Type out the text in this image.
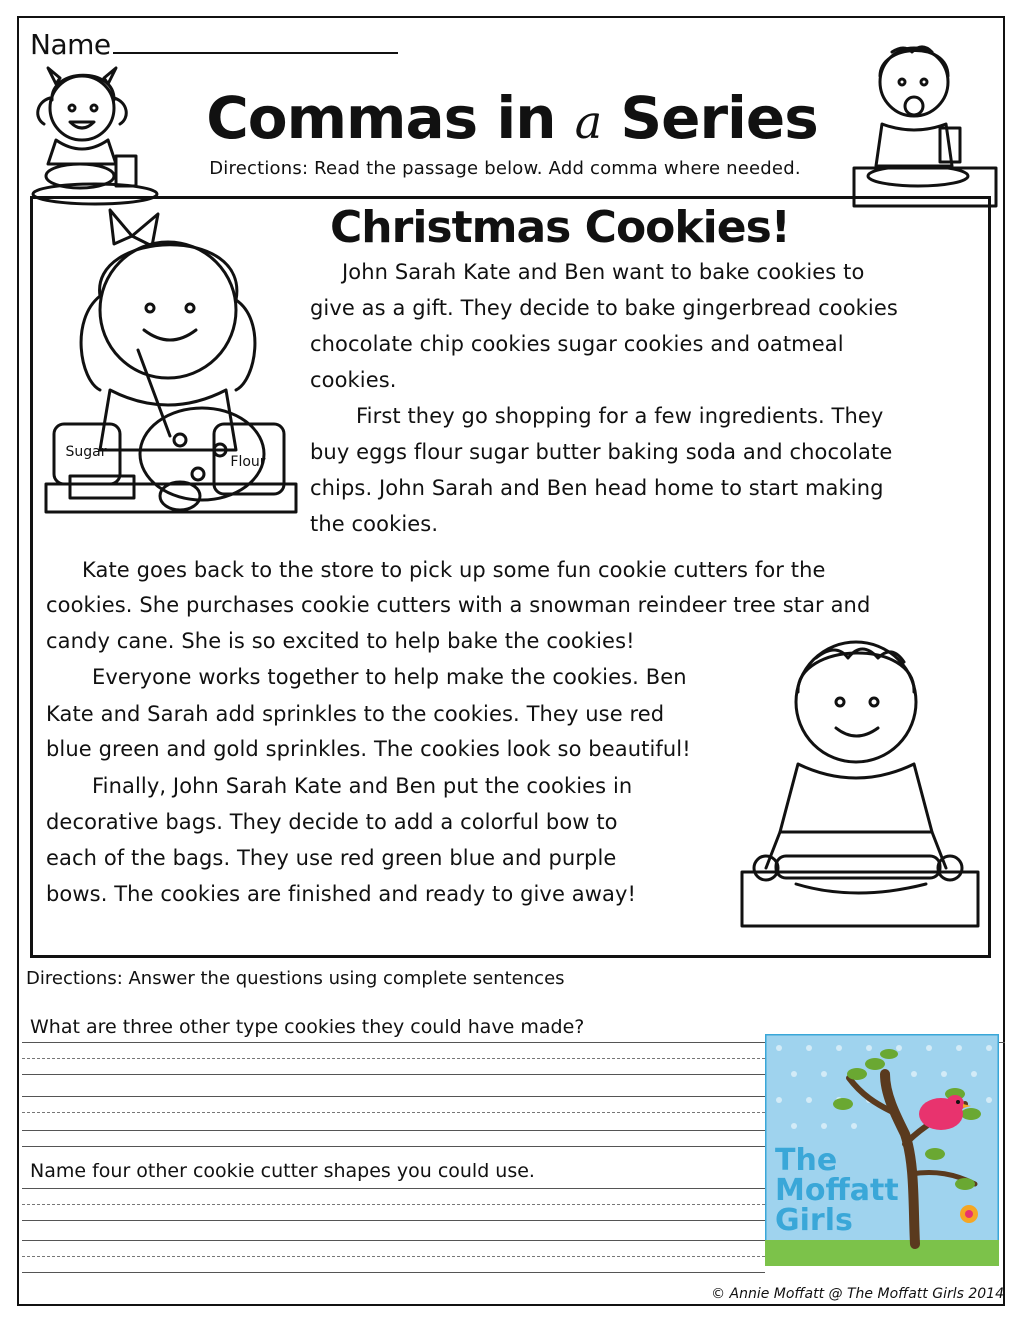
Name
Commas in a Series
Directions: Read the passage below. Add comma where needed.
Christmas Cookies!
Sugar
Flour
John Sarah Kate and Ben want to bake cookies to
give as a gift. They decide to bake gingerbread cookies
chocolate chip cookies sugar cookies and oatmeal
cookies.
First they go shopping for a few ingredients. They
buy eggs flour sugar butter baking soda and chocolate
chips. John Sarah and Ben head home to start making
the cookies.
Kate goes back to the store to pick up some fun cookie cutters for the
cookies. She purchases cookie cutters with a snowman reindeer tree star and
candy cane. She is so excited to help bake the cookies!
Everyone works together to help make the cookies. Ben
Kate and Sarah add sprinkles to the cookies. They use red
blue green and gold sprinkles. The cookies look so beautiful!
Finally, John Sarah Kate and Ben put the cookies in
decorative bags. They decide to add a colorful bow to
each of the bags. They use red green blue and purple
bows. The cookies are finished and ready to give away!
Directions: Answer the questions using complete sentences
What are three other type cookies they could have made?
Name four other cookie cutter shapes you could use.	The
Moffatt
Girls
© Annie Moffatt @ The Moffatt Girls 2014
